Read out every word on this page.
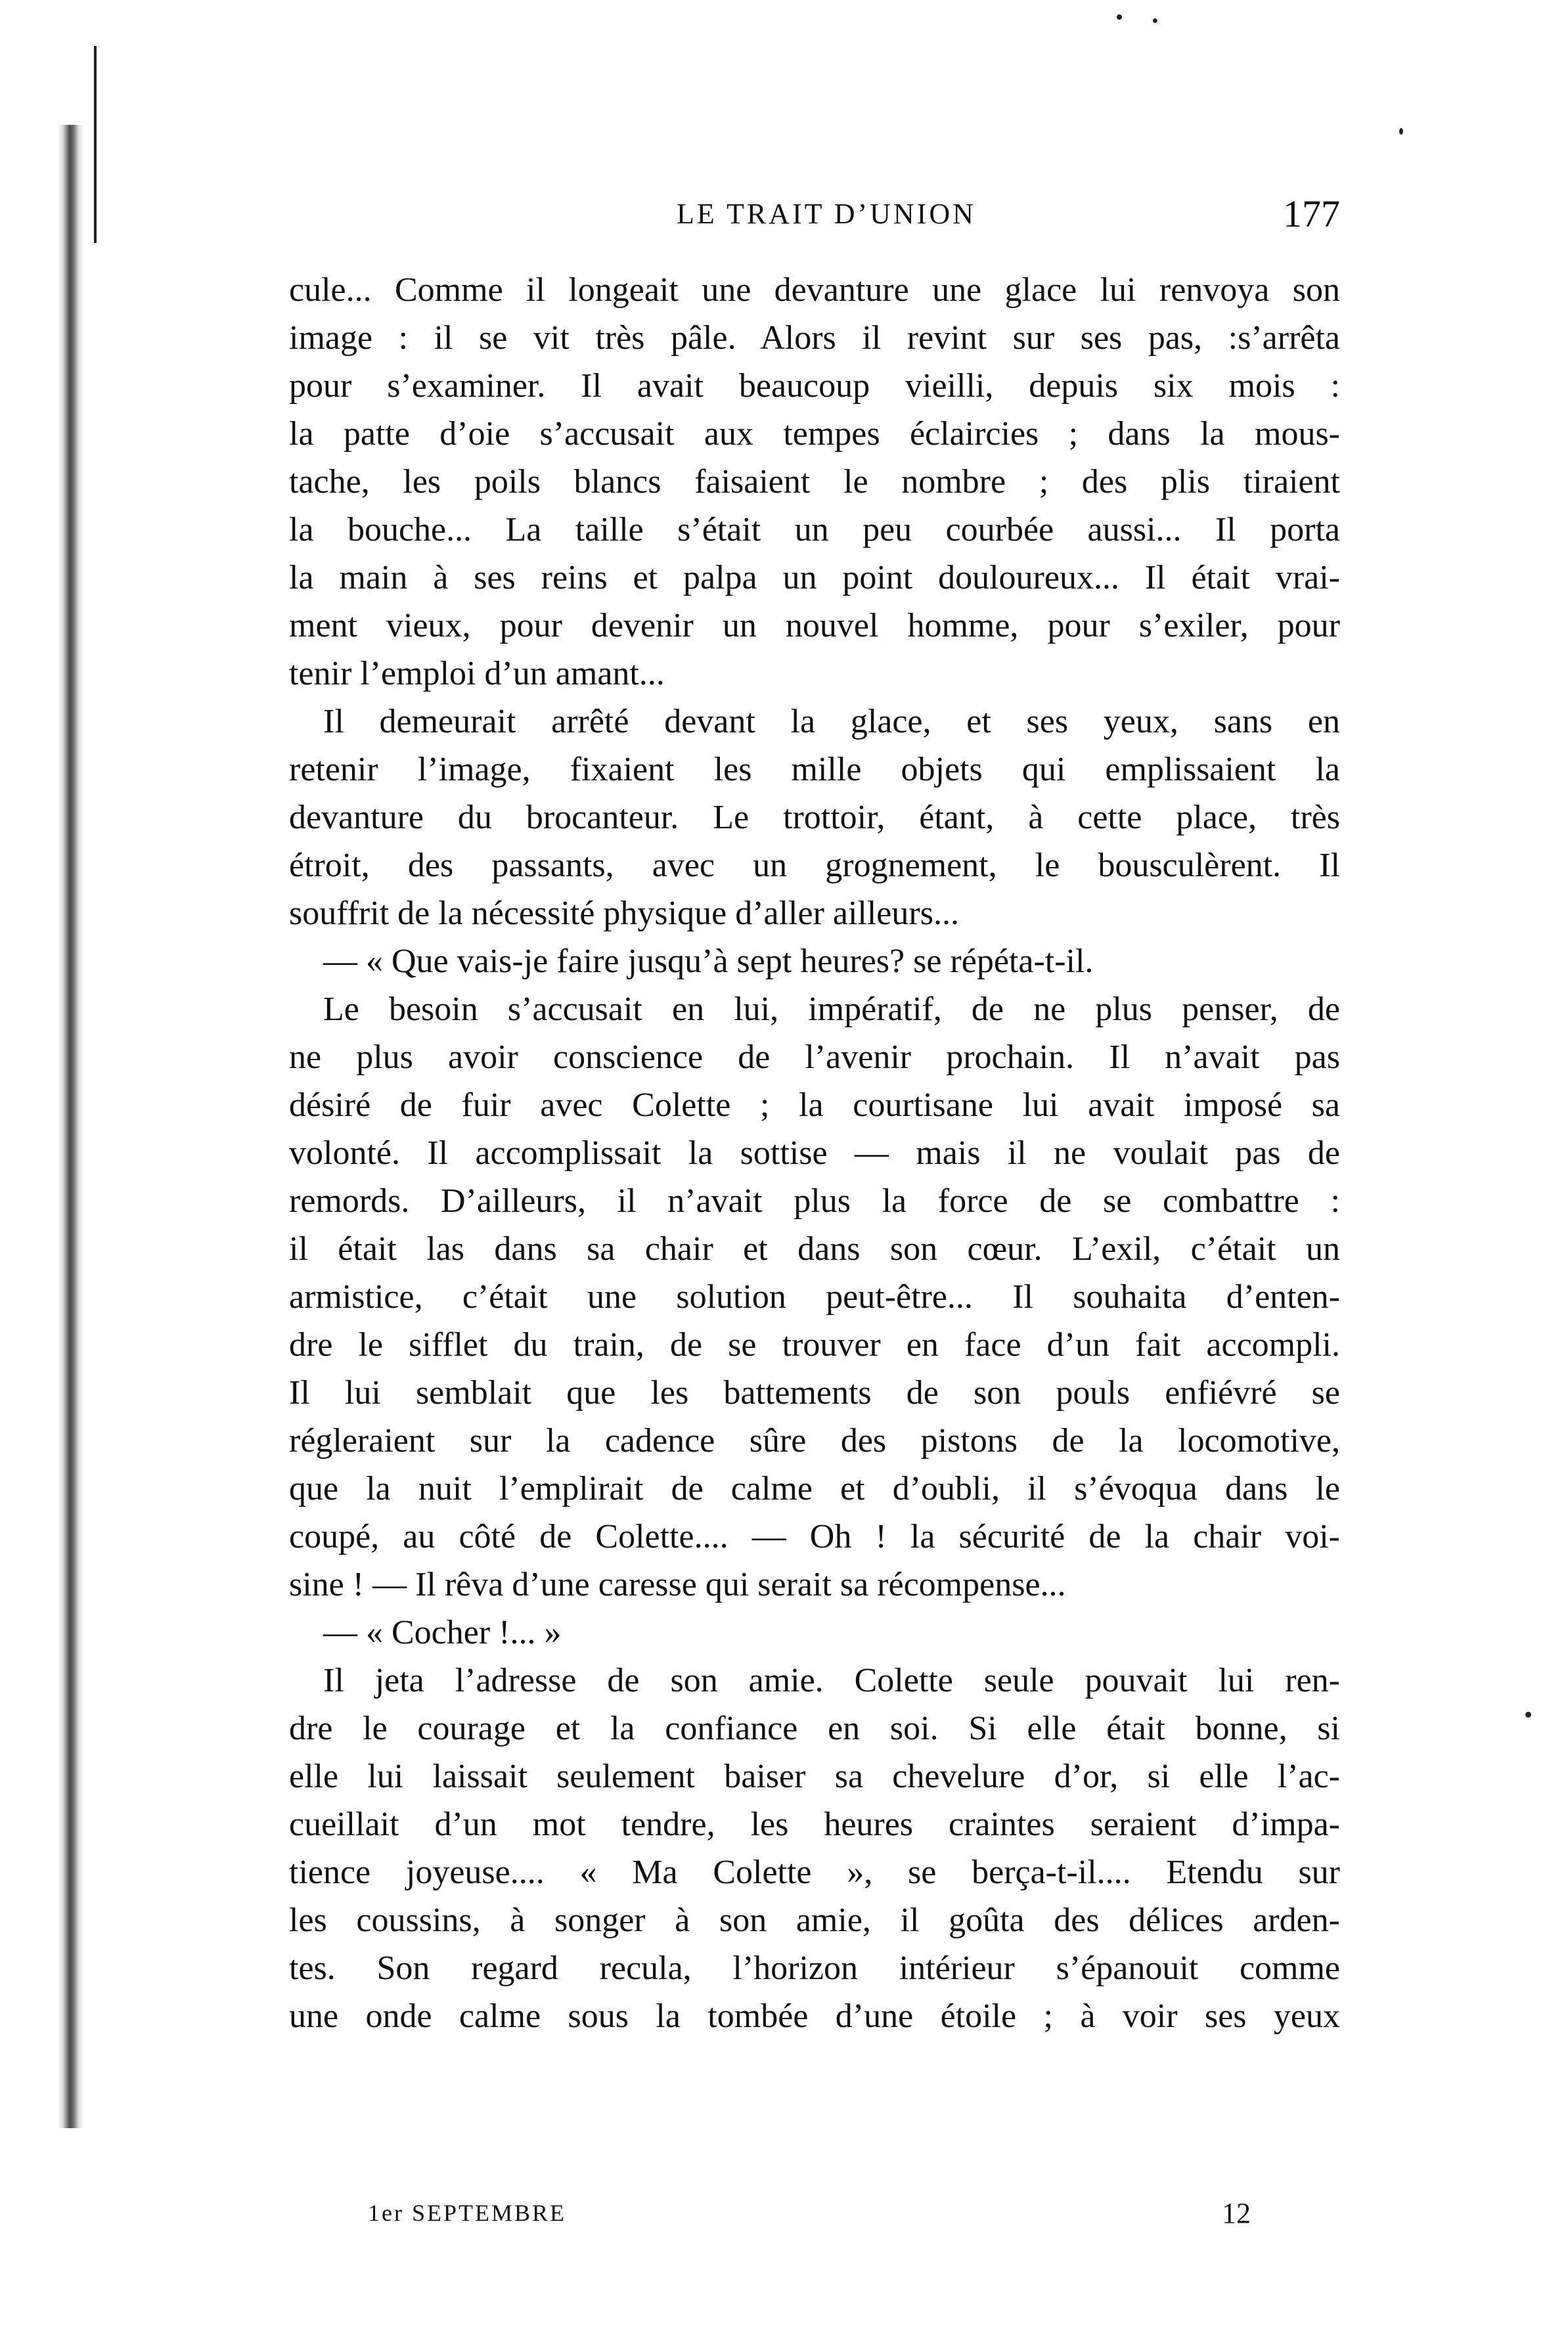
LE TRAIT D’UNION	177
cule... Comme il longeait une devanture une glace lui renvoya son
image : il se vit très pâle. Alors il revint sur ses pas, :s’arrêta
pour s’examiner. Il avait beaucoup vieilli, depuis six mois :
la patte d’oie s’accusait aux tempes éclaircies ; dans la mous-
tache, les poils blancs faisaient le nombre ; des plis tiraient
la bouche... La taille s’était un peu courbée aussi... Il porta
la main à ses reins et palpa un point douloureux... Il était vrai-
ment vieux, pour devenir un nouvel homme, pour s’exiler, pour
tenir l’emploi d’un amant...
Il demeurait arrêté devant la glace, et ses yeux, sans en
retenir l’image, fixaient les mille objets qui emplissaient la
devanture du brocanteur. Le trottoir, étant, à cette place, très
étroit, des passants, avec un grognement, le bousculèrent. Il
souffrit de la nécessité physique d’aller ailleurs...
— « Que vais-je faire jusqu’à sept heures? se répéta-t-il.
Le besoin s’accusait en lui, impératif, de ne plus penser, de
ne plus avoir conscience de l’avenir prochain. Il n’avait pas
désiré de fuir avec Colette ; la courtisane lui avait imposé sa
volonté. Il accomplissait la sottise — mais il ne voulait pas de
remords. D’ailleurs, il n’avait plus la force de se combattre :
il était las dans sa chair et dans son cœur. L’exil, c’était un
armistice, c’était une solution peut-être... Il souhaita d’enten-
dre le sifflet du train, de se trouver en face d’un fait accompli.
Il lui semblait que les battements de son pouls enfiévré se
régleraient sur la cadence sûre des pistons de la locomotive,
que la nuit l’emplirait de calme et d’oubli, il s’évoqua dans le
coupé, au côté de Colette.... — Oh ! la sécurité de la chair voi-
sine ! — Il rêva d’une caresse qui serait sa récompense...
— « Cocher !... »
Il jeta l’adresse de son amie. Colette seule pouvait lui ren-
dre le courage et la confiance en soi. Si elle était bonne, si
elle lui laissait seulement baiser sa chevelure d’or, si elle l’ac-
cueillait d’un mot tendre, les heures craintes seraient d’impa-
tience joyeuse.... « Ma Colette », se berça-t-il.... Etendu sur
les coussins, à songer à son amie, il goûta des délices arden-
tes. Son regard recula, l’horizon intérieur s’épanouit comme
une onde calme sous la tombée d’une étoile ; à voir ses yeux
1er SEPTEMBRE	12
